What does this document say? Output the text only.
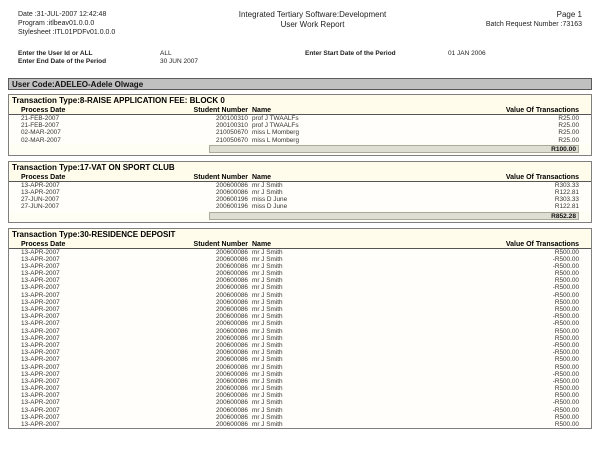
Date :31-JUL-2007 12:42:48
Program :itlbeav01.0.0.0
Stylesheet :ITL01PDFv01.0.0.0
Integrated Tertiary Software:Development
User Work Report
Page 1
Batch Request Number :73163
Enter the User Id or ALL	ALL	Enter Start Date of the Period	01 JAN 2006
Enter End Date of the Period	30 JUN 2007
User Code:ADELEO-Adele Olwage
Transaction Type:8-RAISE APPLICATION FEE: BLOCK 0
Process Date	Student Number Name	Value Of Transactions
21-FEB-2007	200100310 prof J TWAALFs	R25.00
21-FEB-2007	200100310 prof J TWAALFs	R25.00
02-MAR-2007	210050670 miss L Momberg	R25.00
02-MAR-2007	210050670 miss L Momberg	R25.00
R100.00
Transaction Type:17-VAT ON SPORT CLUB
Process Date	Student Number Name	Value Of Transactions
13-APR-2007	200600086 mr J Smith	R303.33
13-APR-2007	200600086 mr J Smith	R122.81
27-JUN-2007	200600196 miss D June	R303.33
27-JUN-2007	200600196 miss D June	R122.81
R852.28
Transaction Type:30-RESIDENCE DEPOSIT
Process Date	Student Number Name	Value Of Transactions
13-APR-2007	200600086 mr J Smith	R500.00
13-APR-2007	200600086 mr J Smith	-R500.00
13-APR-2007	200600086 mr J Smith	-R500.00
13-APR-2007	200600086 mr J Smith	R500.00
13-APR-2007	200600086 mr J Smith	R500.00
13-APR-2007	200600086 mr J Smith	-R500.00
13-APR-2007	200600086 mr J Smith	-R500.00
13-APR-2007	200600086 mr J Smith	R500.00
13-APR-2007	200600086 mr J Smith	R500.00
13-APR-2007	200600086 mr J Smith	-R500.00
13-APR-2007	200600086 mr J Smith	-R500.00
13-APR-2007	200600086 mr J Smith	R500.00
13-APR-2007	200600086 mr J Smith	R500.00
13-APR-2007	200600086 mr J Smith	-R500.00
13-APR-2007	200600086 mr J Smith	-R500.00
13-APR-2007	200600086 mr J Smith	R500.00
13-APR-2007	200600086 mr J Smith	R500.00
13-APR-2007	200600086 mr J Smith	-R500.00
13-APR-2007	200600086 mr J Smith	-R500.00
13-APR-2007	200600086 mr J Smith	R500.00
13-APR-2007	200600086 mr J Smith	R500.00
13-APR-2007	200600086 mr J Smith	-R500.00
13-APR-2007	200600086 mr J Smith	-R500.00
13-APR-2007	200600086 mr J Smith	R500.00
13-APR-2007	200600086 mr J Smith	R500.00
